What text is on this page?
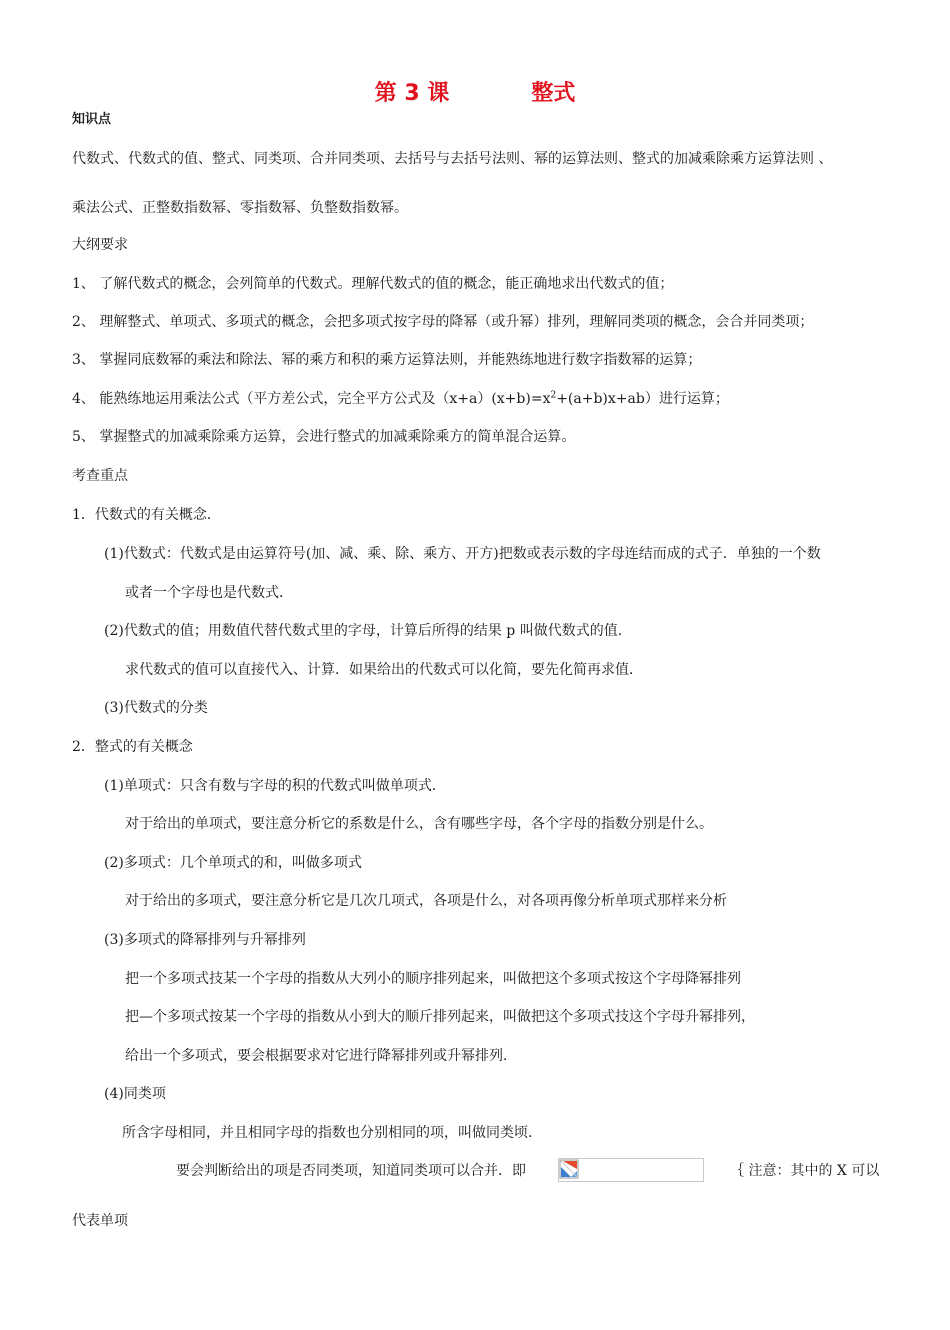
第 3 课	整式
知识点
代数式、代数式的值、整式、同类项、合并同类项、去括号与去括号法则、幂的运算法则、整式的加减乘除乘方运算法则 、
乘法公式、正整数指数幂、零指数幂、负整数指数幂。
大纲要求
1、 了解代数式的概念，会列简单的代数式。理解代数式的值的概念，能正确地求出代数式的值；
2、 理解整式、单项式、多项式的概念，会把多项式按字母的降幂（或升幂）排列，理解同类项的概念，会合并同类项；
3、 掌握同底数幂的乘法和除法、幂的乘方和积的乘方运算法则，并能熟练地进行数字指数幂的运算；
4、 能熟练地运用乘法公式（平方差公式，完全平方公式及$(x+a)(x+b)=x^2+(a+b)x+ab$）进行运算；
5、 掌握整式的加减乘除乘方运算，会进行整式的加减乘除乘方的简单混合运算。
考查重点
1．代数式的有关概念．
(1)代数式：代数式是由运算符号(加、减、乘、除、乘方、开方)把数或表示数的字母连结而成的式子．单独的一个数
或者一个字母也是代数式．
(2)代数式的值；用数值代替代数式里的字母，计算后所得的结果 p 叫做代数式的值．
求代数式的值可以直接代入、计算．如果给出的代数式可以化简，要先化简再求值．
(3)代数式的分类
2．整式的有关概念
(1)单项式：只含有数与字母的积的代数式叫做单项式．
对于给出的单项式，要注意分析它的系数是什么，含有哪些字母，各个字母的指数分别是什么。
(2)多项式：几个单项式的和，叫做多项式
对于给出的多项式，要注意分析它是几次几项式，各项是什么，对各项再像分析单项式那样来分析
(3)多项式的降幂排列与升幂排列
把一个多项式技某一个字母的指数从大列小的顺序排列起来，叫做把这个多项式按这个字母降幂排列
把—个多项式按某一个字母的指数从小到大的顺斤排列起来，叫做把这个多项式技这个字母升幂排列，
给出一个多项式，要会根据要求对它进行降幂排列或升幂排列．
(4)同类项
所含字母相同，并且相同字母的指数也分别相同的项，叫做同类顷．
要会判断给出的项是否同类项，知道同类项可以合并．即	｛ 注意：其中的 X 可以
代表单项
